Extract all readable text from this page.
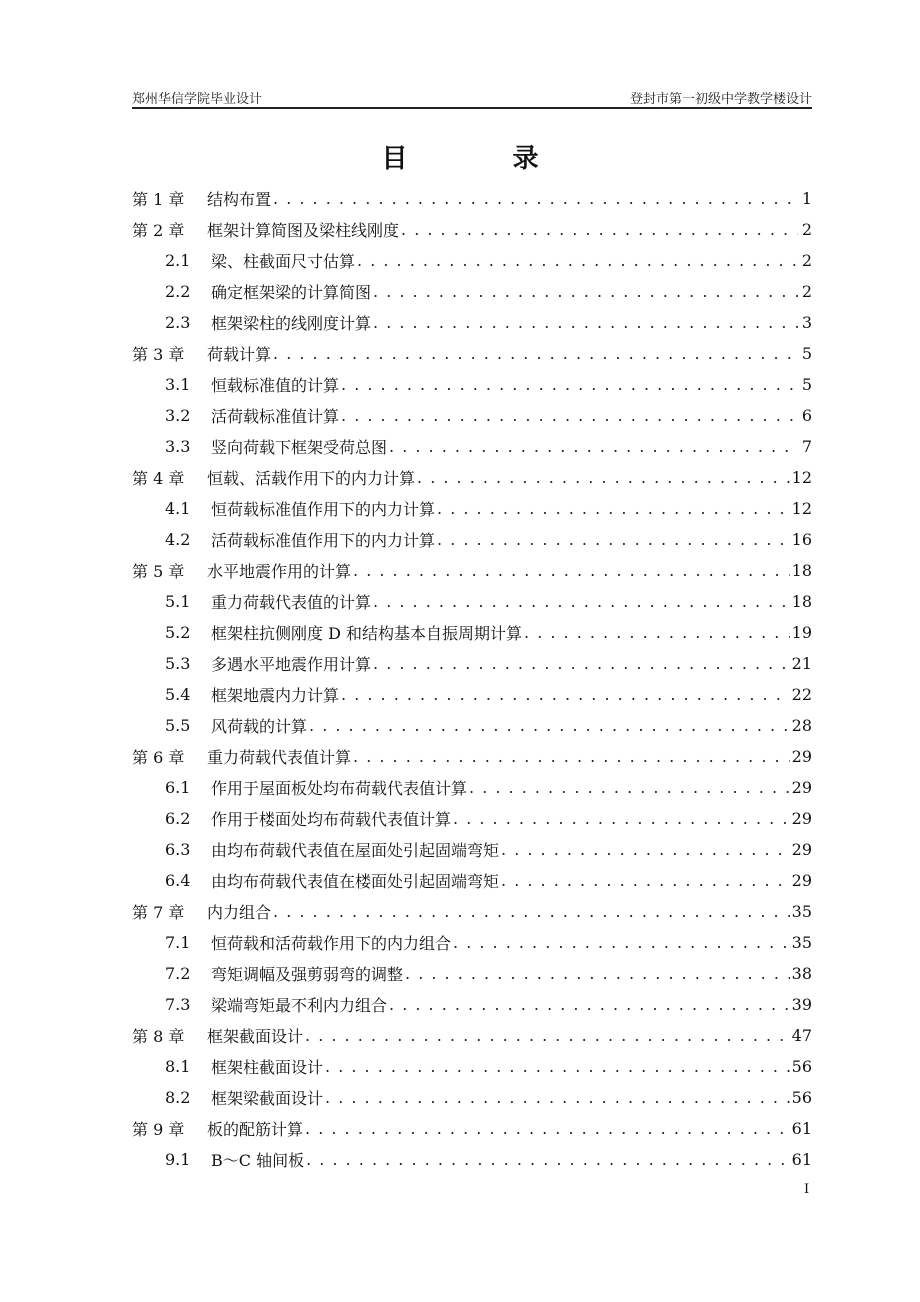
郑州华信学院毕业设计	登封市第一初级中学教学楼设计
目 录
第 1 章	结构布置 . . .	1
第 2 章	框架计算简图及梁柱线刚度 . . .	2
2.1	梁、柱截面尺寸估算 . . .	2
2.2	确定框架梁的计算简图 . . .	2
2.3	框架梁柱的线刚度计算 . . .	3
第 3 章	荷载计算 . . .	5
3.1	恒载标准值的计算 . . .	5
3.2	活荷载标准值计算 . . .	6
3.3	竖向荷载下框架受荷总图 . . .	7
第 4 章	恒载、活载作用下的内力计算 . . .	12
4.1	恒荷载标准值作用下的内力计算 . . .	12
4.2	活荷载标准值作用下的内力计算 . . .	16
第 5 章	水平地震作用的计算 . . .	18
5.1	重力荷载代表值的计算 . . .	18
5.2	框架柱抗侧刚度 D 和结构基本自振周期计算 . . .	19
5.3	多遇水平地震作用计算 . . .	21
5.4	框架地震内力计算 . . .	22
5.5	风荷载的计算 . . .	28
第 6 章	重力荷载代表值计算 . . .	29
6.1	作用于屋面板处均布荷载代表值计算 . . .	29
6.2	作用于楼面处均布荷载代表值计算 . . .	29
6.3	由均布荷载代表值在屋面处引起固端弯矩 . . .	29
6.4	由均布荷载代表值在楼面处引起固端弯矩 . . .	29
第 7 章	内力组合 . . .	35
7.1	恒荷载和活荷载作用下的内力组合 . . .	35
7.2	弯矩调幅及强剪弱弯的调整 . . .	38
7.3	梁端弯矩最不利内力组合 . . .	39
第 8 章	框架截面设计 . . .	47
8.1	框架柱截面设计 . . .	56
8.2	框架梁截面设计 . . .	56
第 9 章	板的配筋计算 . . .	61
9.1	B～C 轴间板 . . .	61
I
